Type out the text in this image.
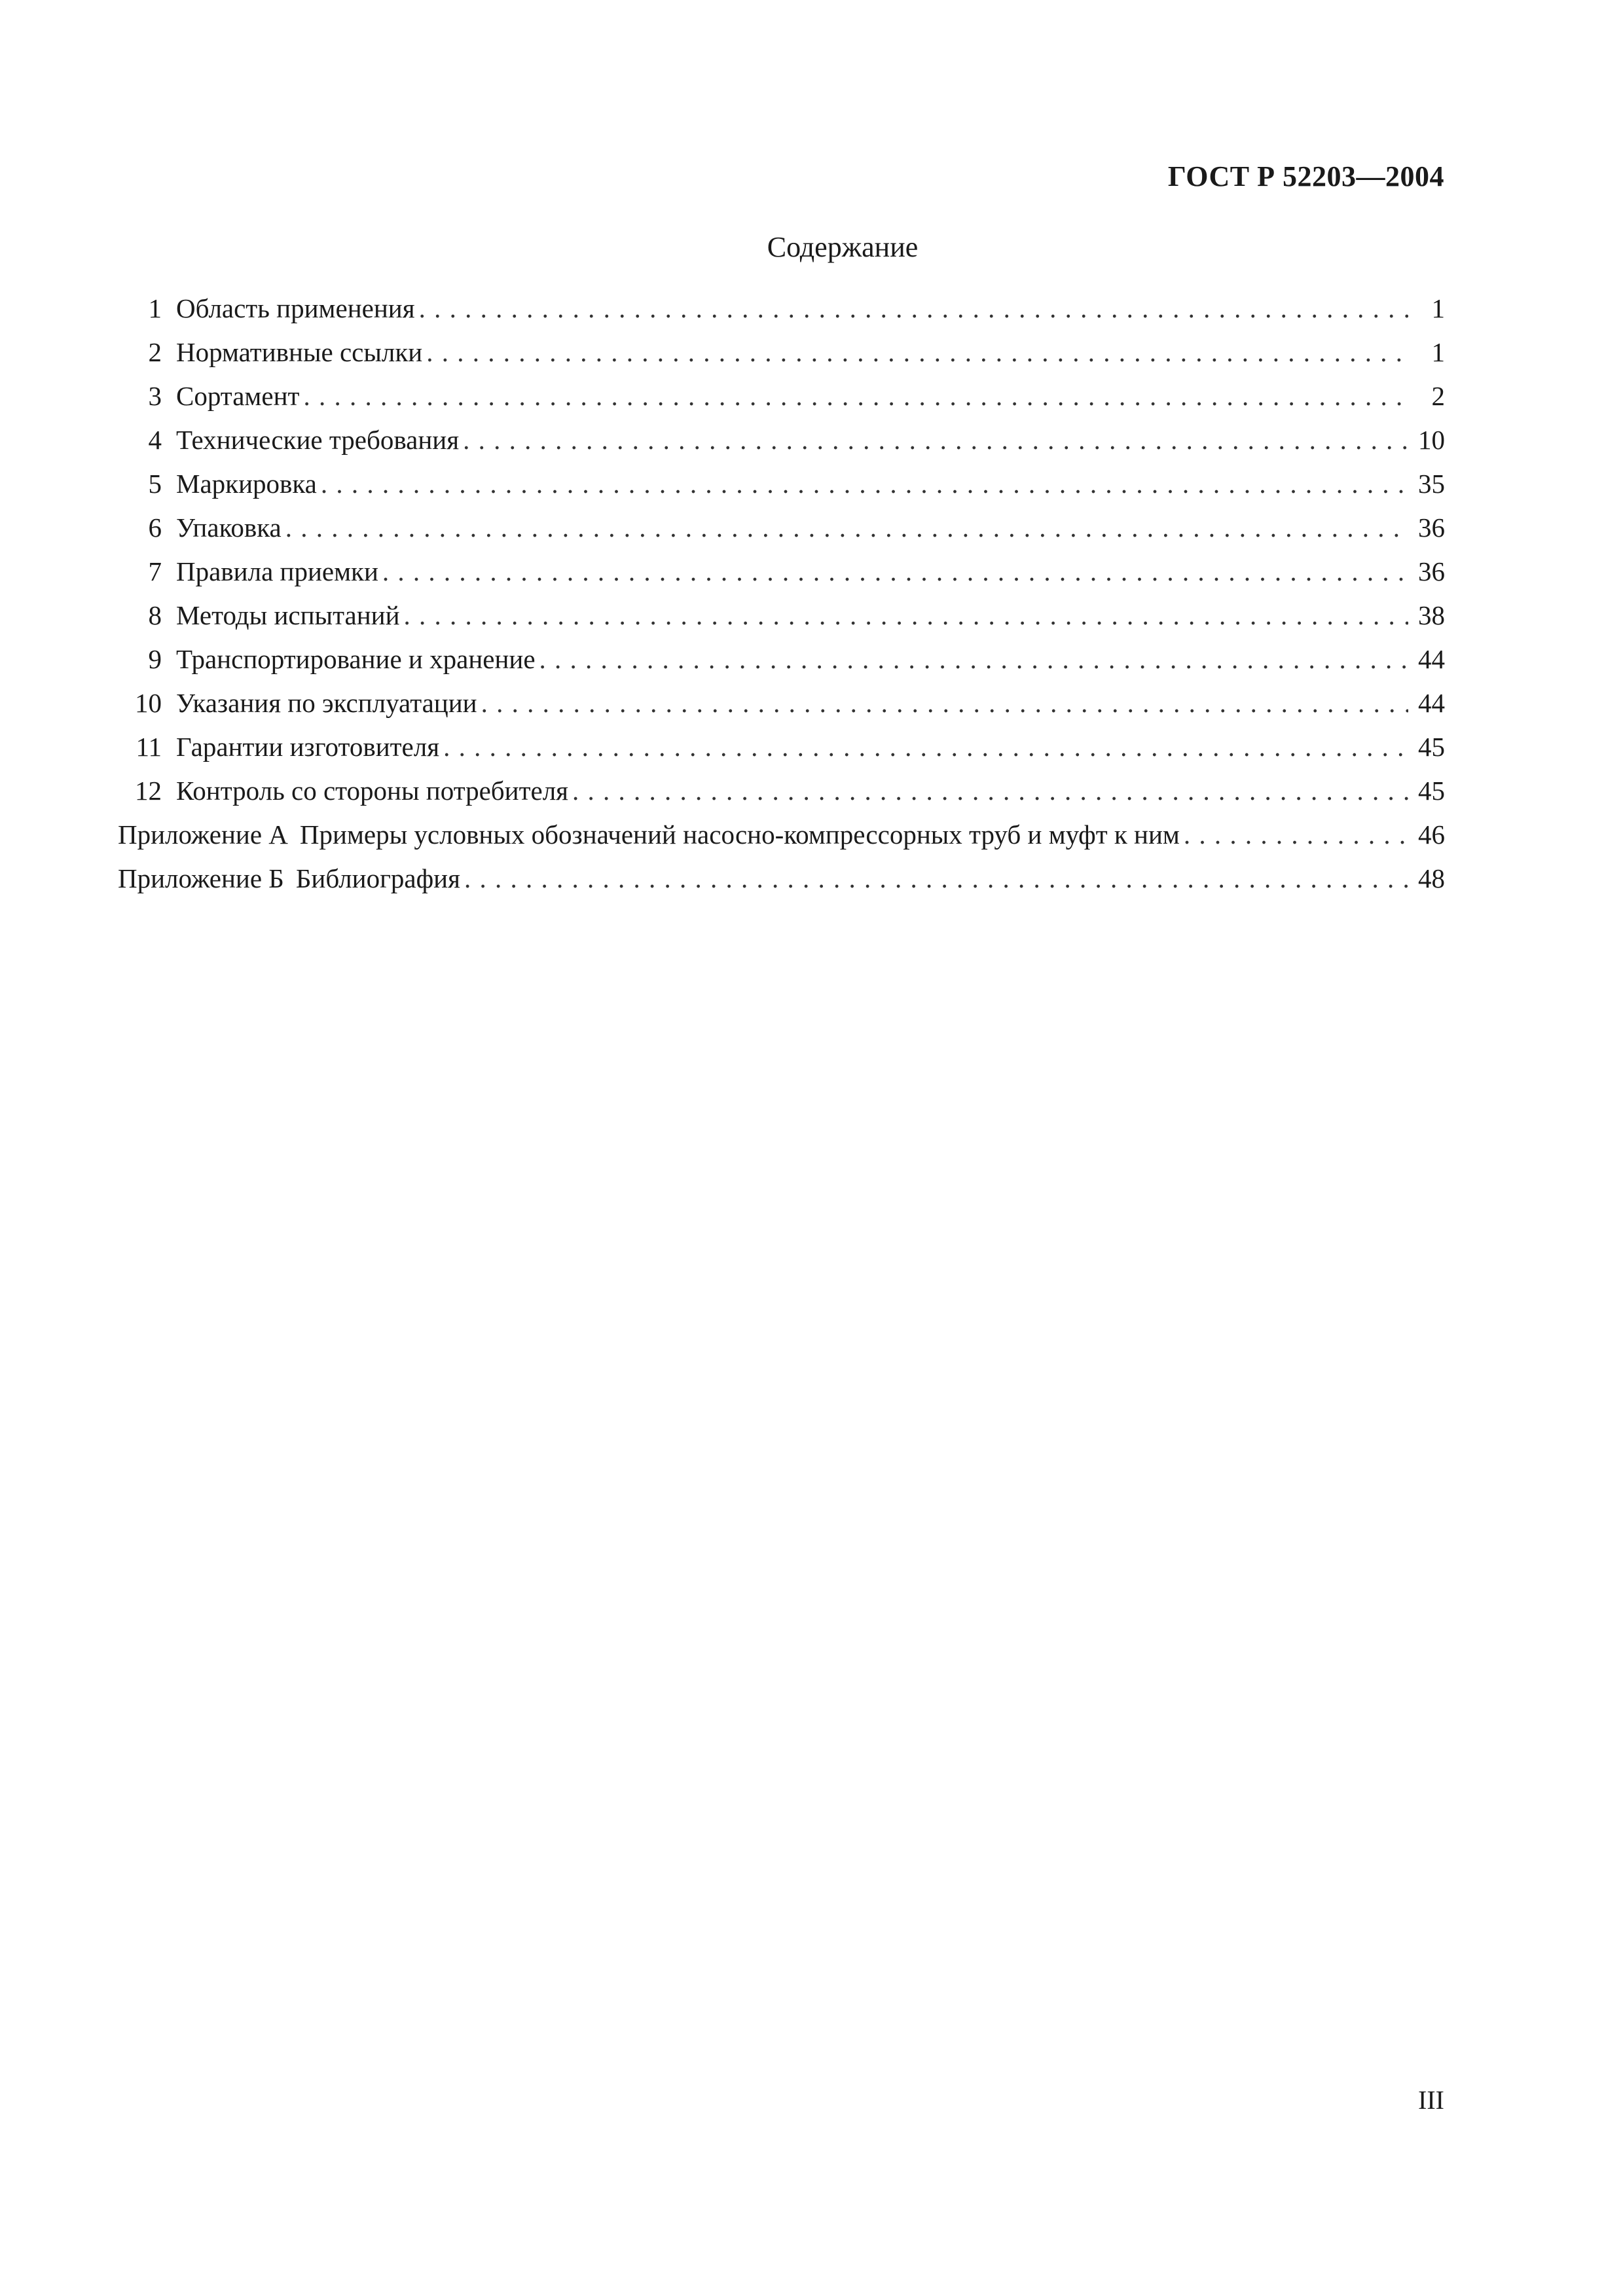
ГОСТ Р 52203—2004
Содержание
1 Область применения . . .	1
2 Нормативные ссылки . . .	1
3 Сортамент . . .	2
4 Технические требования . . .	10
5 Маркировка . . .	35
6 Упаковка . . .	36
7 Правила приемки . . .	36
8 Методы испытаний . . .	38
9 Транспортирование и хранение . . .	44
10 Указания по эксплуатации . . .	44
11 Гарантии изготовителя . . .	45
12 Контроль со стороны потребителя . . .	45
Приложение А Примеры условных обозначений насосно-компрессорных труб и муфт к ним . . .	46
Приложение Б Библиография . . .	48
III
